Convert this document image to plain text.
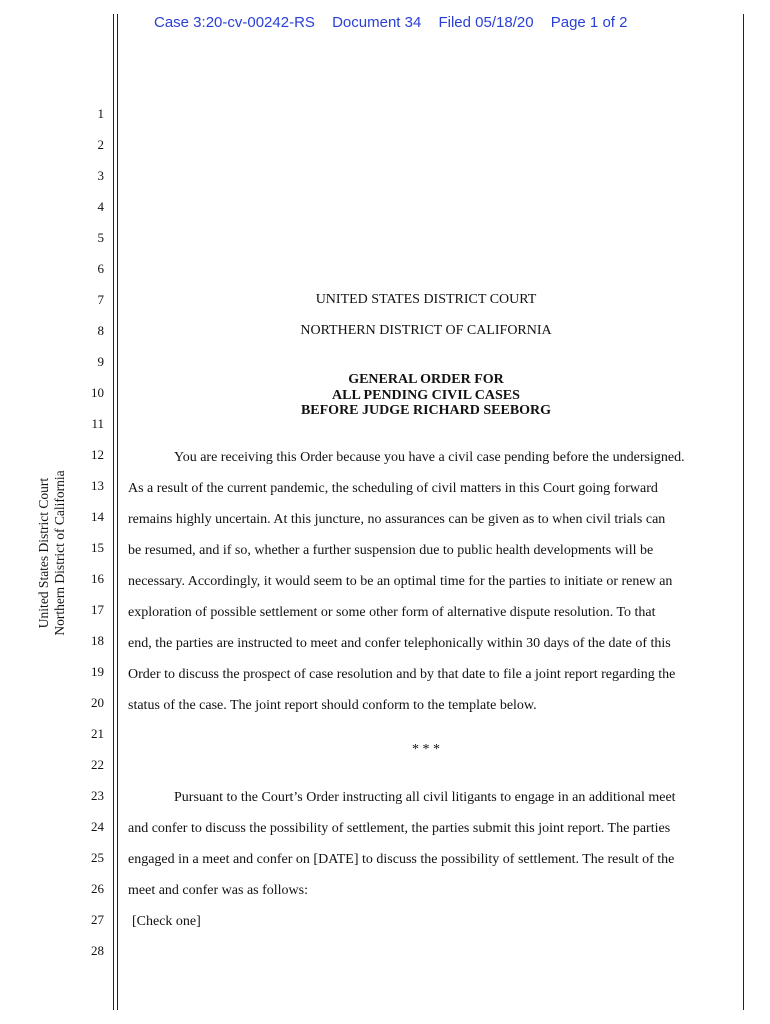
Case 3:20-cv-00242-RS Document 34 Filed 05/18/20 Page 1 of 2
United States District Court Northern District of California
1
2
3
4
5
6
7
8
9
10
11
12
13
14
15
16
17
18
19
20
21
22
23
24
25
26
27
28
UNITED STATES DISTRICT COURT
NORTHERN DISTRICT OF CALIFORNIA
GENERAL ORDER FOR
ALL PENDING CIVIL CASES
BEFORE JUDGE RICHARD SEEBORG
You are receiving this Order because you have a civil case pending before the undersigned.
As a result of the current pandemic, the scheduling of civil matters in this Court going forward
remains highly uncertain. At this juncture, no assurances can be given as to when civil trials can
be resumed, and if so, whether a further suspension due to public health developments will be
necessary. Accordingly, it would seem to be an optimal time for the parties to initiate or renew an
exploration of possible settlement or some other form of alternative dispute resolution. To that
end, the parties are instructed to meet and confer telephonically within 30 days of the date of this
Order to discuss the prospect of case resolution and by that date to file a joint report regarding the
status of the case. The joint report should conform to the template below.
* * *
Pursuant to the Court’s Order instructing all civil litigants to engage in an additional meet
and confer to discuss the possibility of settlement, the parties submit this joint report. The parties
engaged in a meet and confer on [DATE] to discuss the possibility of settlement. The result of the
meet and confer was as follows:
[Check one]
